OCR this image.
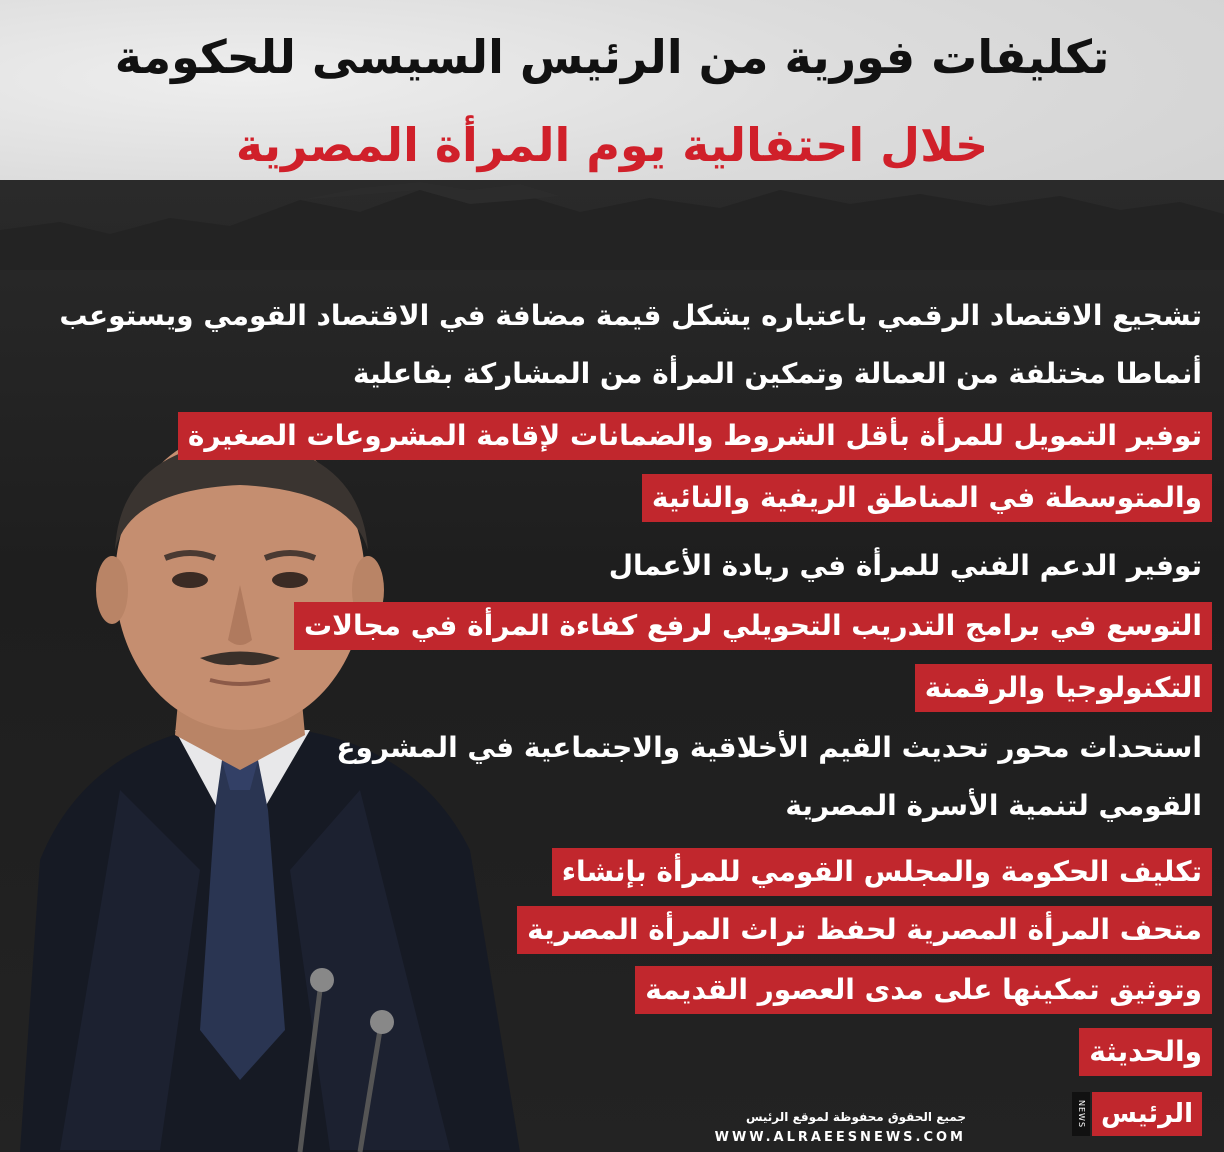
تكليفات فورية من الرئيس السيسى للحكومة
خلال احتفالية يوم المرأة المصرية
تشجيع الاقتصاد الرقمي باعتباره يشكل قيمة مضافة في الاقتصاد القومي ويستوعب
أنماطا مختلفة من العمالة وتمكين المرأة من المشاركة بفاعلية
توفير التمويل للمرأة بأقل الشروط والضمانات لإقامة المشروعات الصغيرة
والمتوسطة في المناطق الريفية والنائية
توفير الدعم الفني للمرأة في ريادة الأعمال
التوسع في برامج التدريب التحويلي لرفع كفاءة المرأة في مجالات
التكنولوجيا والرقمنة
استحداث محور تحديث القيم الأخلاقية والاجتماعية في المشروع
القومي لتنمية الأسرة المصرية
تكليف الحكومة والمجلس القومي للمرأة بإنشاء
متحف المرأة المصرية لحفظ تراث المرأة المصرية
وتوثيق تمكينها على مدى العصور القديمة
والحديثة
جميع الحقوق محفوظة لموقع الرئيس
WWW.ALRAEESNEWS.COM
NEWS الرئيس
